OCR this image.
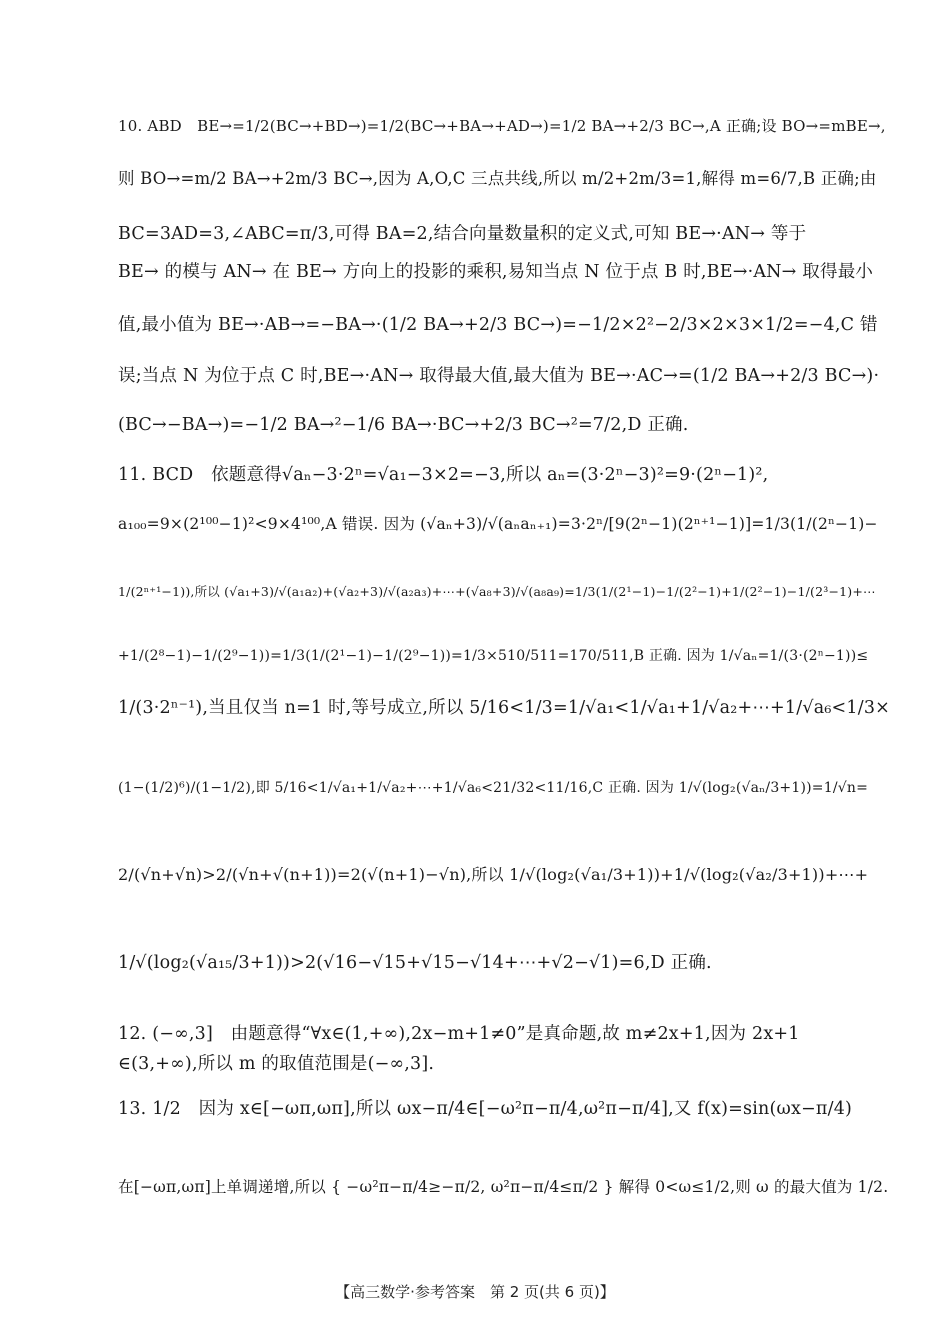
10. ABD　BE→=1/2(BC→+BD→)=1/2(BC→+BA→+AD→)=1/2 BA→+2/3 BC→,A 正确;设 BO→=mBE→,
则 BO→=m/2 BA→+2m/3 BC→,因为 A,O,C 三点共线,所以 m/2+2m/3=1,解得 m=6/7,B 正确;由
BC=3AD=3,∠ABC=π/3,可得 BA=2,结合向量数量积的定义式,可知 BE→·AN→ 等于
BE→ 的模与 AN→ 在 BE→ 方向上的投影的乘积,易知当点 N 位于点 B 时,BE→·AN→ 取得最小
值,最小值为 BE→·AB→=−BA→·(1/2 BA→+2/3 BC→)=−1/2×2²−2/3×2×3×1/2=−4,C 错
误;当点 N 为位于点 C 时,BE→·AN→ 取得最大值,最大值为 BE→·AC→=(1/2 BA→+2/3 BC→)·
(BC→−BA→)=−1/2 BA→²−1/6 BA→·BC→+2/3 BC→²=7/2,D 正确.
11. BCD　依题意得√aₙ−3·2ⁿ=√a₁−3×2=−3,所以 aₙ=(3·2ⁿ−3)²=9·(2ⁿ−1)²,
a₁₀₀=9×(2¹⁰⁰−1)²<9×4¹⁰⁰,A 错误. 因为 (√aₙ+3)/√(aₙaₙ₊₁)=3·2ⁿ/[9(2ⁿ−1)(2ⁿ⁺¹−1)]=1/3(1/(2ⁿ−1)−
1/(2ⁿ⁺¹−1)),所以 (√a₁+3)/√(a₁a₂)+(√a₂+3)/√(a₂a₃)+⋯+(√a₈+3)/√(a₈a₉)=1/3(1/(2¹−1)−1/(2²−1)+1/(2²−1)−1/(2³−1)+⋯
+1/(2⁸−1)−1/(2⁹−1))=1/3(1/(2¹−1)−1/(2⁹−1))=1/3×510/511=170/511,B 正确. 因为 1/√aₙ=1/(3·(2ⁿ−1))≤
1/(3·2ⁿ⁻¹),当且仅当 n=1 时,等号成立,所以 5/16<1/3=1/√a₁<1/√a₁+1/√a₂+⋯+1/√a₆<1/3×
(1−(1/2)⁶)/(1−1/2),即 5/16<1/√a₁+1/√a₂+⋯+1/√a₆<21/32<11/16,C 正确. 因为 1/√(log₂(√aₙ/3+1))=1/√n=
2/(√n+√n)>2/(√n+√(n+1))=2(√(n+1)−√n),所以 1/√(log₂(√a₁/3+1))+1/√(log₂(√a₂/3+1))+⋯+
1/√(log₂(√a₁₅/3+1))>2(√16−√15+√15−√14+⋯+√2−√1)=6,D 正确.
12. (−∞,3]　由题意得“∀x∈(1,+∞),2x−m+1≠0”是真命题,故 m≠2x+1,因为 2x+1
∈(3,+∞),所以 m 的取值范围是(−∞,3].
13. 1/2　因为 x∈[−ωπ,ωπ],所以 ωx−π/4∈[−ω²π−π/4,ω²π−π/4],又 f(x)=sin(ωx−π/4)
在[−ωπ,ωπ]上单调递增,所以 { −ω²π−π/4≥−π/2, ω²π−π/4≤π/2 } 解得 0<ω≤1/2,则 ω 的最大值为 1/2.
【高三数学·参考答案　第 2 页(共 6 页)】
